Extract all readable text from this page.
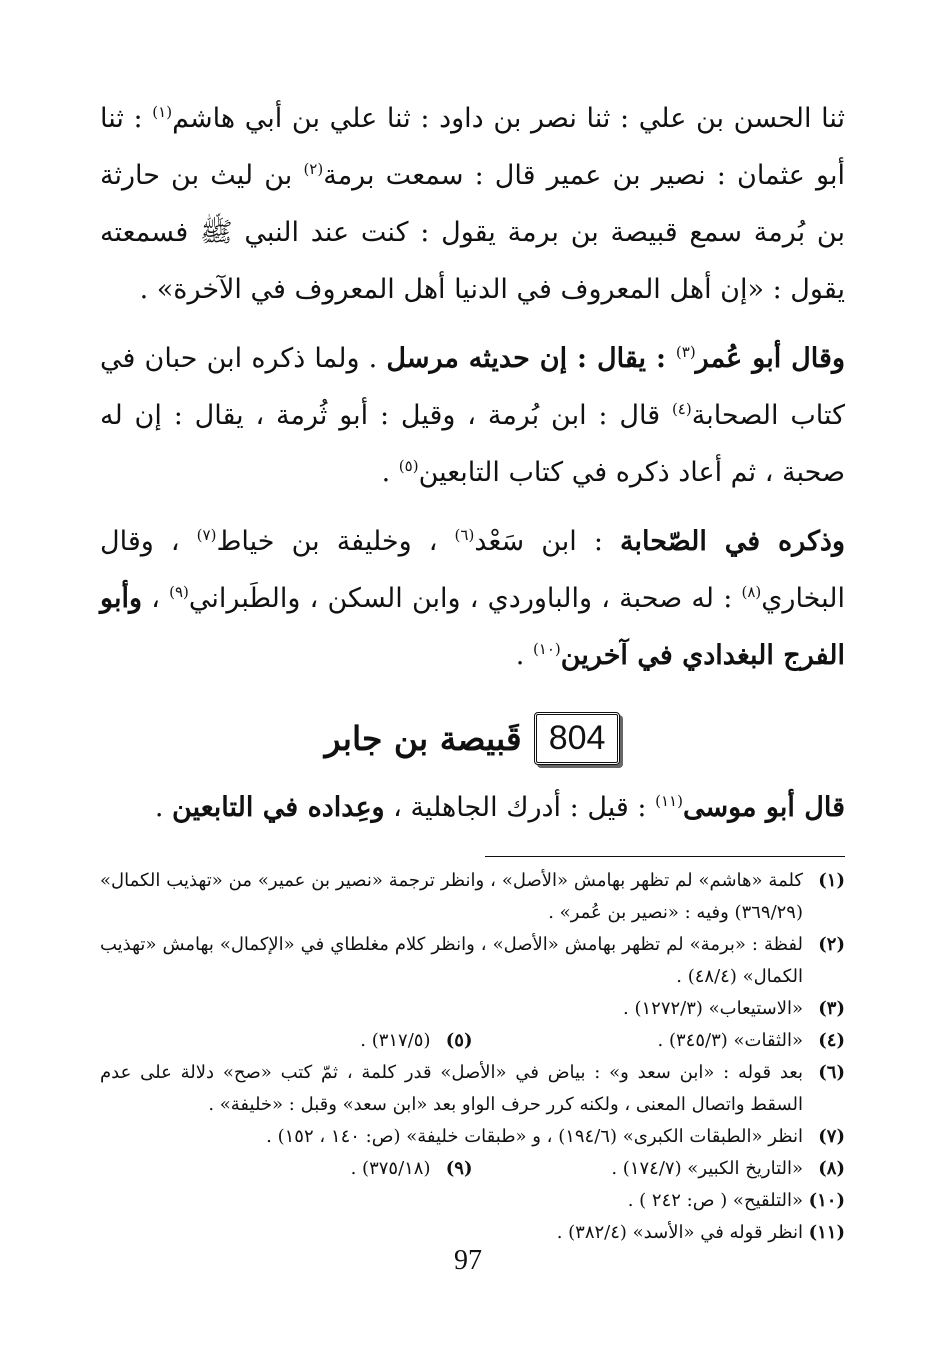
ثنا الحسن بن علي : ثنا نصر بن داود : ثنا علي بن أبي هاشم$^{(١)}$ : ثنا أبو عثمان : نصير بن عمير قال : سمعت برمة$^{(٢)}$ بن ليث بن حارثة بن بُرمة سمع قبيصة بن برمة يقول : كنت عند النبي ﷺ فسمعته يقول : «إن أهل المعروف في الدنيا أهل المعروف في الآخرة» .

وقال أبو عُمر$^{(٣)}$ : يقال : إن حديثه مرسل . ولما ذكره ابن حبان في كتاب الصحابة$^{(٤)}$ قال : ابن بُرمة ، وقيل : أبو ثُرمة ، يقال : إن له صحبة ، ثم أعاد ذكره في كتاب التابعين$^{(٥)}$ .

وذكره في الصّحابة : ابن سَعْد$^{(٦)}$ ، وخليفة بن خياط$^{(٧)}$ ، وقال البخاري$^{(٨)}$ : له صحبة ، والباوردي ، وابن السكن ، والطَبراني$^{(٩)}$ ، وأبو الفرج البغدادي في آخرين$^{(١٠)}$ .

804
قَبيصة بن جابر

قال أبو موسى$^{(١١)}$ : قيل : أدرك الجاهلية ، وعِداده في التابعين .

(١)
كلمة «هاشم» لم تظهر بهامش «الأصل» ، وانظر ترجمة «نصير بن عمير» من «تهذيب الكمال» (٣٦٩/٢٩) وفيه : «نصير بن عُمر» .
(٢)
لفظة : «برمة» لم تظهر بهامش «الأصل» ، وانظر كلام مغلطاي في «الإكمال» بهامش «تهذيب الكمال» (٤٨/٤) .
(٣)
«الاستيعاب» (١٢٧٢/٣) .
(٤)
«الثقات» (٣٤٥/٣) .
(٥)
(٣١٧/٥) .
(٦)
بعد قوله : «ابن سعد و» : بياض في «الأصل» قدر كلمة ، ثمّ كتب «صح» دلالة على عدم السقط واتصال المعنى ، ولكنه كرر حرف الواو بعد «ابن سعد» وقبل : «خليفة» .
(٧)
انظر «الطبقات الكبرى» (١٩٤/٦) ، و «طبقات خليفة» (ص: ١٤٠ ، ١٥٢) .
(٨)
«التاريخ الكبير» (١٧٤/٧) .
(٩)
(٣٧٥/١٨) .
(١٠)
«التلقيح» ( ص: ٢٤٢ ) .
(١١)
انظر قوله في «الأسد» (٣٨٢/٤) .
97
